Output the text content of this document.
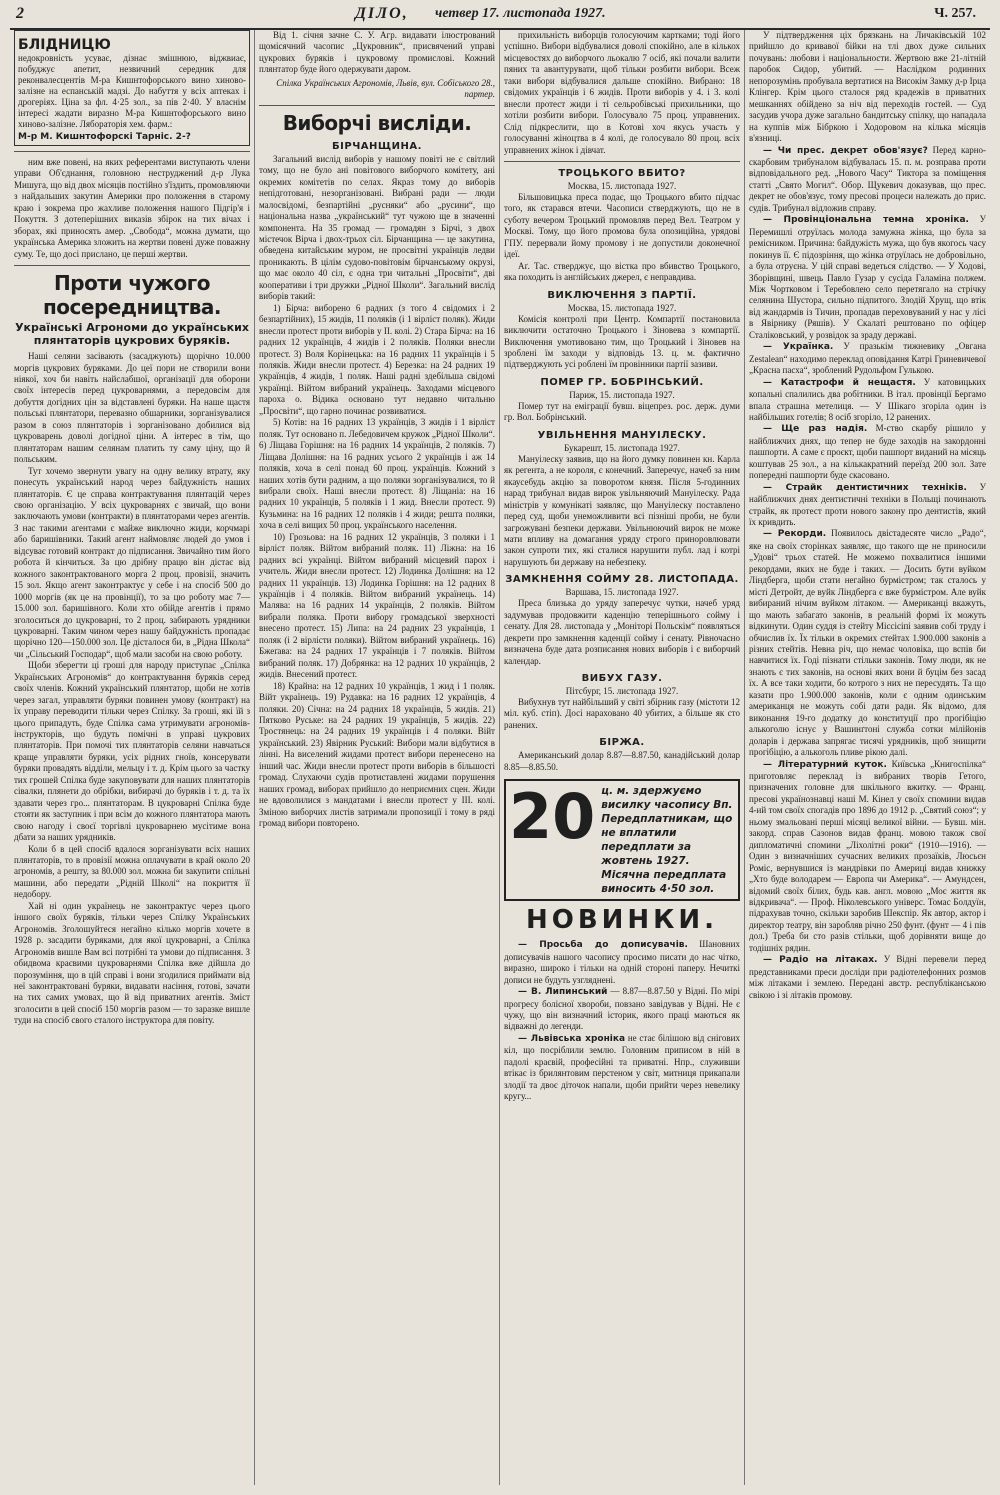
2	ДІЛО, четвер 17. листопада 1927.	Ч. 257.
БЛІДНИЦЮ

недокровність усуває, дізнає змішнюю, віджвиає, побуджує апетит, незвичний середник для реконвалесцентів М-ра Кишнтофорського вино хиново-залізне на еспанській мадзі. До набуття у всіх аптеках і дрогеріях. Ціна за фл. 4·25 зол., за пів 2·40. У власнім інтересі жадати виразно М-ра Кишнтофорського вино хиново-залізне. Лябораторія хем. фарм.:

М-р М. Кишнтофорскі Тарніс. 2-?

ним вже повені, на яких референтами виступають члени управи Об'єднання, головною неструджений д-р Лука Мишуга, що від двох місяців постійно з'їздить, промовляючи з найдальших закутин Америки про положення в старому краю і зокрема про жахливе положення нашого Підгір'я і Покуття. З дотеперішних виказів збірок на тих вічах і зборах, які приносять амер. „Свобода“, можна думати, що українська Америка зложить на жертви повені дуже поважну суму. Те, що досі прислано, це перші жертви.

Проти чужого посередництва.
Українські Агрономи до українських плянтаторів цукрових буряків.

Наші селяни засівають (засаджують) щорічно 10.000 моргів цукрових буряками. До цеї пори не створили вони ніякої, хоч би навіть найслабшої, організації для оборони своїх інтересів перед цукроварнями, а передовсім для добуття догідних цін за відставлені буряки. На наше щастя польські плянтатори, перевазно обшарники, зорганізувалися разом в союз плянтаторів і зорганізовано добилися від цукроварень доволі догідної ціни. А інтерес в тім, що плянтаторам нашим селянам платить ту саму ціну, що й польським.

Тут хочемо звернути увагу на одну велику втрату, яку понесуть український народ через байдужність наших плянтаторів. Є це справа контрактування плянтацій через свою організацію. У всіх цукроварнях є звичай, що вони заключають умови (контракти) в плянтаторами через агентів. З нас такими агентами є майже виключно жиди, корчмарі або баришівники. Такий агент наймовляє людей до умов і відсуває готовий контракт до підписання. Звичайно тим його робота й кінчиться. За цю дрібну працю він дістає від кожного законтрактованого морга 2 проц. провізії, значить 15 зол. Якщо агент законтрактує у себе і на спосіб 500 до 1000 моргів (як це на провінції), то за цю роботу має 7—15.000 зол. баришівного. Коли хто обійде агентів і прямо зголоситься до цукроварні, то 2 проц. забирають урядники цукроварні. Таким чином через нашу байдужність пропадає щорічно 120—150.000 зол. Це дісталося би, в „Рідна Школа“ чи „Сільський Господар“, щоб мали засоби на свою роботу.

Щоби зберегти ці гроші для народу приступає „Спілка Українських Агрономів“ до контрактування буряків серед своїх членів. Кожний український плянтатор, щоби не хотів через загал, управляти буряки повинен умову (контракт) на їх управу переводити тільки через Спілку. За гроші, які їй з цього припадуть, буде Спілка сама утримувати агрономів-інструкторів, що будуть помічні в управі цукрових плянтаторів. При помочі тих плянтаторів селяни навчаться краще управляти буряки, усіх рідних гноїв, консерувати буряки провадять відділи, мельцу і т. д. Крім цього за частку тих грошей Спілка буде закуповувати для наших плянтаторів сівалки, плянети до обрібки, вибирачі до буряків і т. д. та їх здавати через гро... плянтаторам. В цукроварні Спілка буде стояти як заступник і при всім до кожного плянтатора мають свою нагоду і своєї торгівлі цукроварнею мусітиме вона дбати за наших урядників.

Коли б в цей спосіб вдалося зорганізувати всіх наших плянтаторів, то в провізії можна оплачувати в край около 20 агрономів, а решту, за 80.000 зол. можна би закупити спільні машини, або передати „Рідній Школі“ на покриття її недобору.

Хай ні один українець не законтрактує через цього іншого своїх буряків, тільки через Спілку Українських Агрономів. Зголошуйтеся негайно кілько моргів хочете в 1928 р. засадити буряками, для якої цукроварні, а Спілка Агрономів вишле Вам всі потрібні та умови до підписання. З обидвома краєвими цукроварнями Спілка вже дійшла до порозуміння, що в цій справі і вони згодилися приймати від неї законтрактовані буряки, видавати насіння, готові, зачати на тих самих умовах, що й від приватних агентів. Зміст зголосити в цей спосіб 150 моргів разом — то заразке вишле туди на спосіб свого сталого інструктора для повіту.

Від 1. січня зачне С. У. Агр. видавати ілюстрований щомісячний часопис „Цукровник“, присвячений управі цукрових буряків і цукровому промислові. Кожний плянтатор буде його одержувати даром.

Спілка Українських Агрономів, Львів, вул. Собіського 28., партер.
Виборчі висліди.
БІРЧАНЩИНА.

Загальний вислід виборів у нашому повіті не є світлий тому, що не було ані повітового виборчого комітету, ані окремих комітетів по селах. Якраз тому до виборів непідготовані, незорганізовані. Вибрані ради — люди малосвідомі, безпартійні „русняки“ або „русини“, що національна назва „український“ тут чужою ще в значенні компонента. На 35 громад — громадян з Бірчі, з двох містечок Вірча і двох-трьох сіл. Бірчанщина — це закутина, обведена китайським муром, не просвітні українців ледви проникають. В цілім судово-повітовім бірчанському окрузі, що має около 40 сіл, є одна три читальні „Просвіти“, дві кооперативи і три дружки „Рідної Школи“. Загальний вислід виборів такий:

1) Бірча: виборено 6 радних (з того 4 свідомих і 2 безпартійних), 15 жидів, 11 поляків (і 1 вірліст поляк). Жиди внесли протест проти виборів у II. колі. 2) Стара Бірча: на 16 радних 12 українців, 4 жидів і 2 поляків. Поляки внесли протест. 3) Воля Корінецька: на 16 радних 11 українців і 5 поляків. Жиди внесли протест. 4) Березка: на 24 радних 19 українців, 4 жидів, 1 поляк. Наші радні здебільша свідомі українці. Війтом вибраний українець. Заходами місцевого пароха о. Відика основано тут недавно читальню „Просвіти“, що гарно починає розвиватися.

5) Котів: на 16 радних 13 українців, 3 жидів і 1 вірліст поляк. Тут основано п. Лебедовичем кружок „Рідної Школи“. 6) Ліщава Горішня: на 16 радних 14 українців, 2 поляків. 7) Ліщава Долішня: на 16 радних усього 2 українців і аж 14 поляків, хоча в селі понад 60 проц. українців. Кожний з наших хотів бути радним, а що поляки зорганізувалися, то й вибрали своїх. Наші внесли протест. 8) Ліщаніа: на 16 радних 10 українців, 5 поляків і 1 жид. Внесли протест. 9) Кузьмина: на 16 радних 12 поляків і 4 жиди; решта поляки, хоча в селі вищих 50 проц. українського населення.

10) Грозьова: на 16 радних 12 українців, 3 поляки і 1 вірліст поляк. Війтом вибраний поляк. 11) Ліжна: на 16 радних всі українці. Війтом вибраний місцевий парох і учитель. Жиди внесли протест. 12) Лодинка Долішня: на 12 радних 11 українців. 13) Лодинка Горішня: на 12 радних 8 українців і 4 поляків. Війтом вибраний українець. 14) Малява: на 16 радних 14 українців, 2 поляків. Війтом вибрали поляка. Проти вибору громадської зверхності внесено протест. 15) Липа: на 24 радних 23 українців, 1 поляк (і 2 вірлісти поляки). Війтом вибраний українець. 16) Бжеґава: на 24 радних 17 українців і 7 поляків. Війтом вибраний поляк. 17) Добрянка: на 12 радних 10 українців, 2 жидів. Внесений протест.

18) Крайна: на 12 радних 10 українців, 1 жид і 1 поляк. Війт українець. 19) Рудавка: на 16 радних 12 українців, 4 поляки. 20) Січна: на 24 радних 18 українців, 5 жидів. 21) Пятково Руське: на 24 радних 19 українців, 5 жидів. 22) Тростянець: на 24 радних 19 українців і 4 поляки. Війт український. 23) Явірник Руський: Вибори мали відбутися в лінні. На виселений жидами протест вибори перенесено на інший час. Жиди внесли протест проти виборів в більшості громад. Слухаючи судів протиставлені жидами порушення наших громад, виборах прийшло до неприємних сцен. Жиди не вдоволилися з мандатами і внесли протест у III. колі. Зміною виборчих листів затримали пропозиції і тому в ряді громад вибори повторено.

прихильність виборців голосуючим картками; тоді його успішно. Вибори відбувалися доволі спокійно, але в кількох місцевостях до виборчого льокалю 7 осіб, які почали валити пяних та авантурувати, щоб тільки розбити вибори. Всеж таки вибори відбувалися дальше спокійно. Вибрано: 18 свідомих українців і 6 жидів. Проти виборів у 4. і 3. колі внесли протест жиди і ті сельробівські прихильники, що хотіли розбити вибори. Голосувало 75 проц. управнених. Слід підкреслити, що в Котові хоч якусь участь у голосуванні жіноцтва в 4 колі, де голосувало 80 проц. всіх управнених жінок і дівчат.

ТРОЦЬКОГО ВБИТО?
Москва, 15. листопада 1927.

Більшовицька преса подає, що Троцького вбито підчас того, як старався втечи. Часописи стверджують, що не в суботу вечером Троцький промовляв перед Вел. Театром у Москві. Тому, що його промова була опозиційна, урядові ГПУ. перервали йому промову і не допустили доконечної ідеї.

Аґ. Тас. стверджує, що вістка про вбивство Троцького, яка походить із англійських джерел, є неправдива.

ВИКЛЮЧЕННЯ З ПАРТІЇ.
Москва, 15. листопада 1927.

Комісія контролі при Центр. Компартії постановила виключити остаточно Троцького і Зіновева з компартії. Виключення умотивовано тим, що Троцький і Зіновев на зробленi їм заходи у відповідь 13. ц. м. фактично підтверджують усі роблені їм провінники партії зазиви.

ПОМЕР ГР. БОБРІНСЬКИЙ.
Париж, 15. листопада 1927.

Помер тут на еміграції бувш. віцепрез. рос. держ. думи гр. Вол. Бобрінський.

УВІЛЬНЕННЯ МАНУІЛЕСКУ.
Букарешт, 15. листопада 1927.

Мануілеску заявив, що на його думку повинен кн. Карла як регента, а не короля, є конечний. Заперечує, начеб за ним якаусебудь акцію за поворотом князя. Після 5-годинних нарад трибунал видав вирок увільняючий Мануілеску. Рада міністрів у комунікаті заявляє, що Мануілеску поставлено перед суд, щоби унеможливити всі пізніші проби, не були загрожувані безпеки держави. Увільнюючий вирок не може мати впливу на домагання уряду строго приноровлювати закон супроти тих, які сталися нарушити публ. лад і котрі нарушують би державу на небезпеку.

ЗАМКНЕННЯ СОЙМУ 28. ЛИСТОПАДА.
Варшава, 15. листопада 1927.

Преса близька до уряду заперечує чутки, начеб уряд задумував продовжити каденцію теперішнього сойму і сенату. Для 28. листопада у „Моніторі Польскім“ появляться декрети про замкнення каденції сойму і сенату. Рівночасно визначена буде дата розписання нових виборів і є виборчий календар.

ВИБУХ ГАЗУ.
Пітсбург, 15. листопада 1927.

Вибухнув тут найбільший у світі збірник газу (містоти 12 міл. куб. стіп). Досі нараховано 40 убитих, а більше як сто ранених.

БІРЖА.

Американський долар 8.87—8.87.50, канадійський долар 8.85—8.85.50.

20 ц. м. здержуємо висилку часопису Вп. Передплатникам, що не вплатили передплати за жовтень 1927. Місячна передплата виносить 4·50 зол.
НОВИНКИ.

— Просьба до дописувачів. Шановних дописувачів нашого часопису просимо писати до нас чітко, виразно, широко і тільки на одній стороні паперу. Нечиткі дописи не будуть узглядненi.

— В. Липинський — 8.87—8.87.50 у Відні. По мірі прогресу болісної хвороби, повзано завідував у Відні. Не є чужу, що він визначний історик, якого праці маються як відважні до легенди.

— Львівська хроніка не стає білішою від снігових кіл, що посріблили землю. Головним приписом в ній в падолі краєвій, професійні та приватні. Нпр., служивши втікає із брилянтовим перстеном у світ, митниця прикапали злодії та двоє діточок напали, щоби прийти через невелику кругу...

У підтвердження ціх брязкань на Личаківській 102 прийшло до кривавої бійки на тлі двох дуже сильних почувань: любови і національности. Жертвою вже 21-літній паробок Сидор, убитий. — Наслідком родинних непорозумінь пробувала вертатися на Високім Замку д-р Ірца Клінгер. Крім цього сталося ряд крадежів в приватних мешканнях обійдено за ніч від переходів гостей. — Суд засудив учора дуже загально бандитську спілку, що нападала на куппів між Бібркою і Ходоровом на кілька місяців в'язниці.

— Чи прес. декрет обов'язує? Перед карно-скарбовим трибуналом відбувалась 15. п. м. розправа проти відповідального ред. „Нового Часу“ Тиктора за поміщення статті „Свято Могил“. Обор. Щукевич доказував, що прес. декрет не обов'язує, тому пресові процеси належать до прис. судів. Трибунал відложив справу.

— Провінціональна темна хроніка. У Перемишлі отруїлась молода замужна жінка, що була за ремісником. Причина: байдужість мужа, що був якогось часу покинув її. Є підозріння, що жінка отруїлась не добровільно, а була отруєна. У цій справі ведеться слідство. — У Ходовi, Зборівщині, швець Павло Гузар у сусіда Галаміна полжем. Між Чортковом і Теребовлею село перетягало на стрічку селянина Шустора, сильно підпитого. Злодій Хрущ, що втік від жандармів із Тичин, пропадав переховуваний у нас у лісі в Явірнику (Ряшів). У Скалаті рештовано по офіцер Сталіковський, у розвідок за зраду державі.

— Українка. У празькім тижневику „Овгана Zestalean“ находимо переклад оповідання Катрі Гриневичевої „Красна пасха“, зроблений Рудольфом Гулькою.

— Катастрофи й нещастя. У катовицьких копальні спалились два робітники. В італ. провінції Бергамо впала страшна метелиця. — У Шікаго згоріла один із найбільших готелів; 8 осіб згоріло, 12 ранених.

— Ще раз надія. М-ство скарбу рішило у найближчих днях, що тепер не буде заходів на закордонні пашпорти. А саме є проєкт, щоби пашпорт виданий на місяць коштував 25 зол., а на кількакратний переїзд 200 зол. Зате попередні пашпорти буде скасовано.

— Страйк дентистичних техніків. У найближчих днях дентистичні техніки в Польщі починають страйк, як протест проти нового закону про дентистів, який їх кривдить.

— Рекорди. Появилось двістадесяте число „Радо“, яке на своїх сторінках заявляє, що такого ще не приносили „Удові“ трьох статей. Не можемо похвалитися іншими рекордами, яких не буде і таких. — Досить бути вуйком Ліндберга, щоби стати негайно бурмістром; так сталось у місті Детройт, де вуйк Ліндберга є вже бурмістром. Але вуйк вибираний нічим вуйком літаком. — Американці вкажуть, що мають забагато законів, в реальній формі їх можуть відкинути. Один суддя із стейту Міссісіпі заявив собі труду і обчислив їх. Їх тільки в окремих стейтах 1.900.000 законів а різних стейтів. Невна річ, що немає чоловіка, що вспів би навчитися їх. Годі пізнати стільки законів. Тому люди, як не знають є тих законів, на основі яких вони й буцім без засад їх. А все таки ходити, бо котрого з них не пересудять. Та що казати про 1.900.000 законів, коли є одним одинським американця не можуть собі дати ради. Як відомо, для виконання 19-го додатку до конституції про прогібіцію алькоголю існує у Вашинґтоні служба сотки мілійонів доларів і держава запрягає тисячі урядників, щоб знищити прогібіцію, а алькоголь пливе рікою далі.

— Літературний куток. Київська „Книгоспілка“ приготовляє переклад із вибраних творів Гетого, призначених головне для шкільного вжитку. — Франц. пресові українознавці наші М. Кінел у своїх спомини видав 4-ий том своїх спогадів про 1896 до 1912 р. „Святий союз“; у ньому змальовані перші місяці великої війни. — Бувш. мін. закорд. справ Сазонов видав франц. мовою також свої дипломатичні спомини „Ліхолітні роки“ (1910—1916). — Один з визначніших сучасних великих прозаїків, Люсьєн Ромiс, вернувшися із мандрівки по Америці видав книжку „Хто буде володарем — Европа чи Америка“. — Амундсен, відомий своїх білих, будь кав. англ. мовою „Моє життя як відкривача“. — Проф. Ніколевського універс. Томас Болдуїн, підрахував точно, скільки заробив Шекспір. Як автор, актор і директор театру, він заробляв річно 250 фунт. (фунт — 4 і пів дол.) Треба би сто разів стільки, щоб дорівняти вище до тодішніх рядин.

— Радіо на літаках. У Відні перевели перед представниками преси досліди при радіотелефонних розмов між літаками і землею. Передані австр. республіканською свікою і зі літаків промову.
